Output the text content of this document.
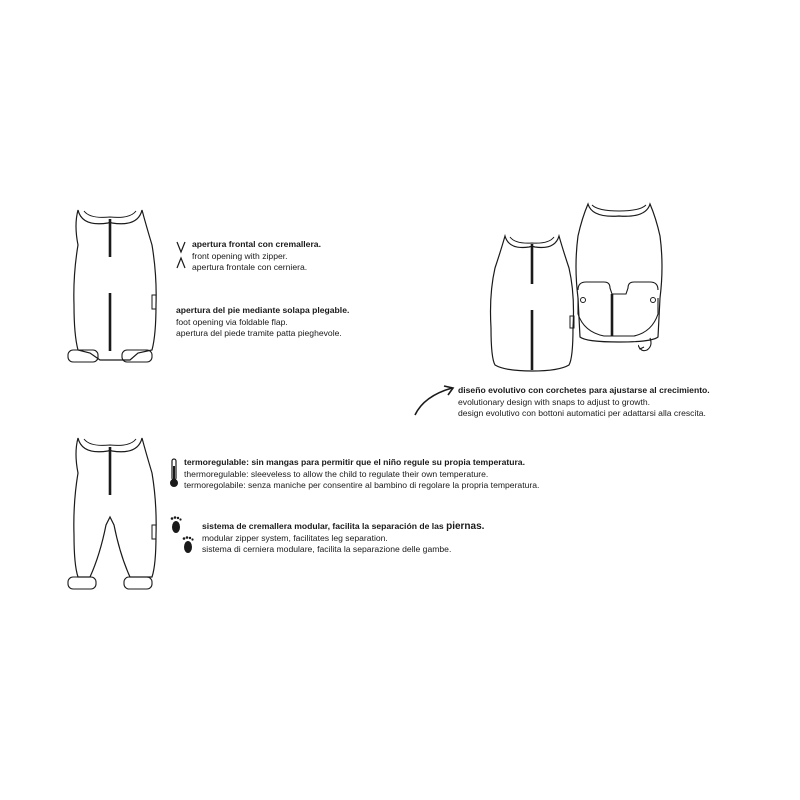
apertura frontal con cremallera.
front opening with zipper.
apertura frontale con cerniera.
apertura del pie mediante solapa plegable.
foot opening via foldable flap.
apertura del piede tramite patta pieghevole.
diseño evolutivo con corchetes para ajustarse al crecimiento.
evolutionary design with snaps to adjust to growth.
design evolutivo con bottoni automatici per adattarsi alla crescita.
termoregulable: sin mangas para permitir que el niño regule su propia temperatura.
thermoregulable: sleeveless to allow the child to regulate their own temperature.
termoregolabile: senza maniche per consentire al bambino di regolare la propria temperatura.
sistema de cremallera modular, facilita la separación de las piernas.
modular zipper system, facilitates leg separation.
sistema di cerniera modulare, facilita la separazione delle gambe.
